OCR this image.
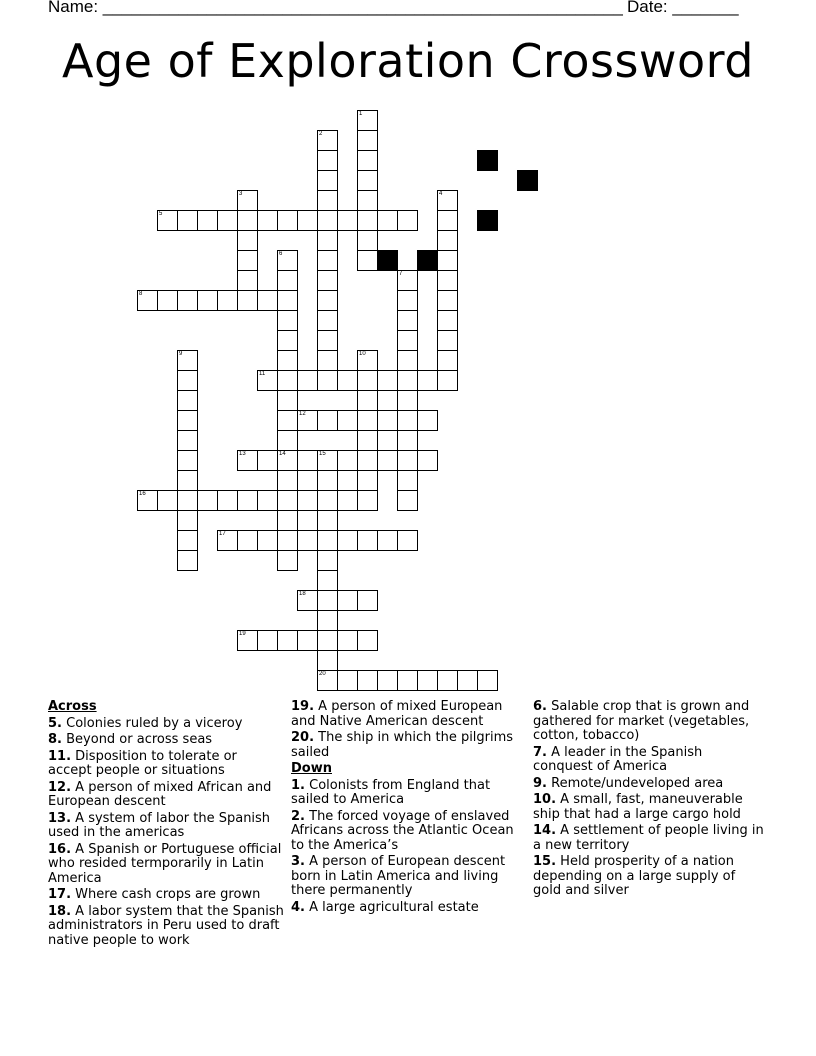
Name: _______________________________________________________ Date: _______
Age of Exploration Crossword
1
2
3	4
5
6
14
7
8
9	10
11
12
13	15
20
16
17
18
19
Across
5. Colonies ruled by a viceroy
8. Beyond or across seas
11. Disposition to tolerate or accept people or situations
12. A person of mixed African and European descent
13. A system of labor the Spanish used in the americas
16. A Spanish or Portuguese official who resided termporarily in Latin America
17. Where cash crops are grown
18. A labor system that the Spanish administrators in Peru used to draft native people to work
19. A person of mixed European and Native American descent
20. The ship in which the pilgrims sailed
Down
1. Colonists from England that sailed to America
2. The forced voyage of enslaved Africans across the Atlantic Ocean to the America’s
3. A person of European descent born in Latin America and living there permanently
4. A large agricultural estate
6. Salable crop that is grown and gathered for market (vegetables, cotton, tobacco)
7. A leader in the Spanish conquest of America
9. Remote/undeveloped area
10. A small, fast, maneuverable ship that had a large cargo hold
14. A settlement of people living in a new territory
15. Held prosperity of a nation depending on a large supply of gold and silver
